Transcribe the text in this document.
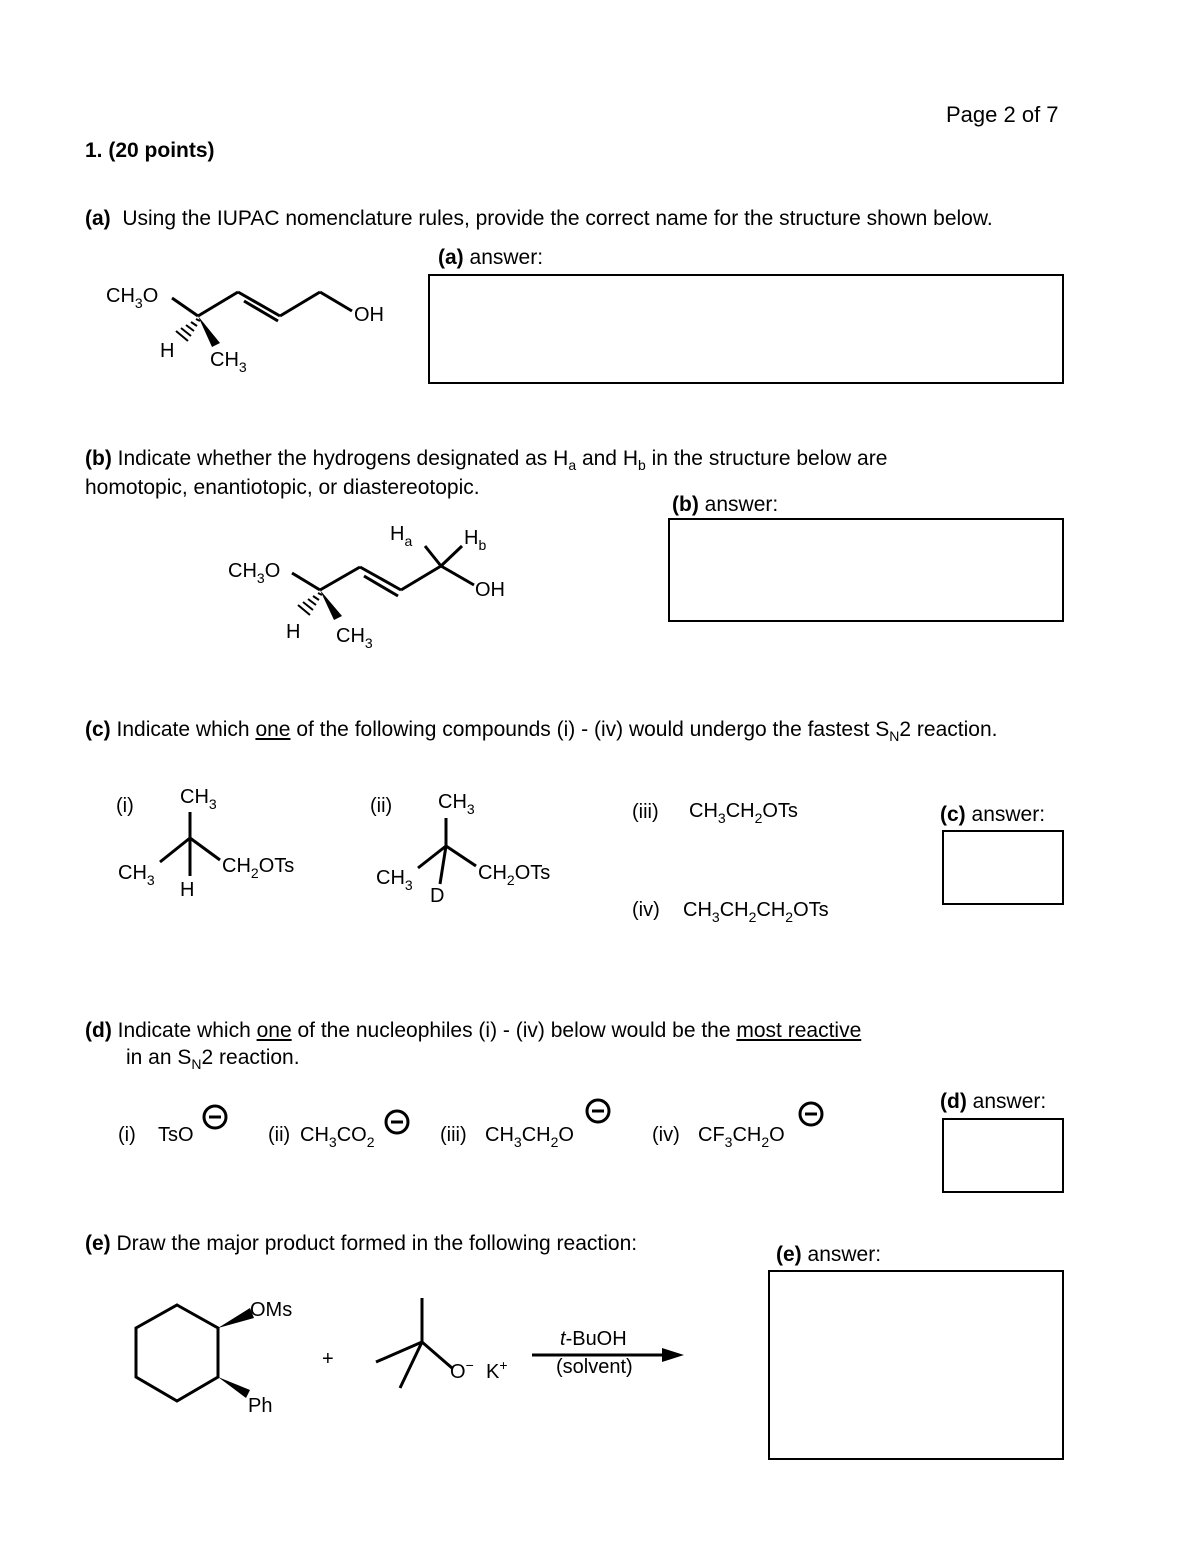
Page 2 of 7
1. (20 points)
(a) Using the IUPAC nomenclature rules, provide the correct name for the structure shown below.
(a) answer:
$CH_3O$
OH
H $CH_3$
(b) Indicate whether the hydrogens designated as $H_a$ and $H_b$ in the structure below are
homotopic, enantiotopic, or diastereotopic.
(b) answer:
$CH_3O$
OH
H $CH_3$
$H_a$	$H_b$
(c) Indicate which one of the following compounds (i) - (iv) would undergo the fastest $S_N2$ reaction.
(c) answer:
(i) $CH_3$
$CH_3$
$CH_2OTs$
H
(ii) $CH_3$
$CH_3$
$CH_2OTs$
D
(iii) $CH_3CH_2OTs$
(iv) $CH_3CH_2CH_2OTs$
(d) Indicate which one of the nucleophiles (i) - (iv) below would be the most reactive
in an $S_N2$ reaction.
(d) answer:
(i) TsO	(ii) $CH_3CO_2$	(iii) $CH_3CH_2O$	(iv) $CF_3CH_2O$
(e) Draw the major product formed in the following reaction:	(e) answer:
OMs
Ph
+
O− K+
t-BuOH
(solvent)
